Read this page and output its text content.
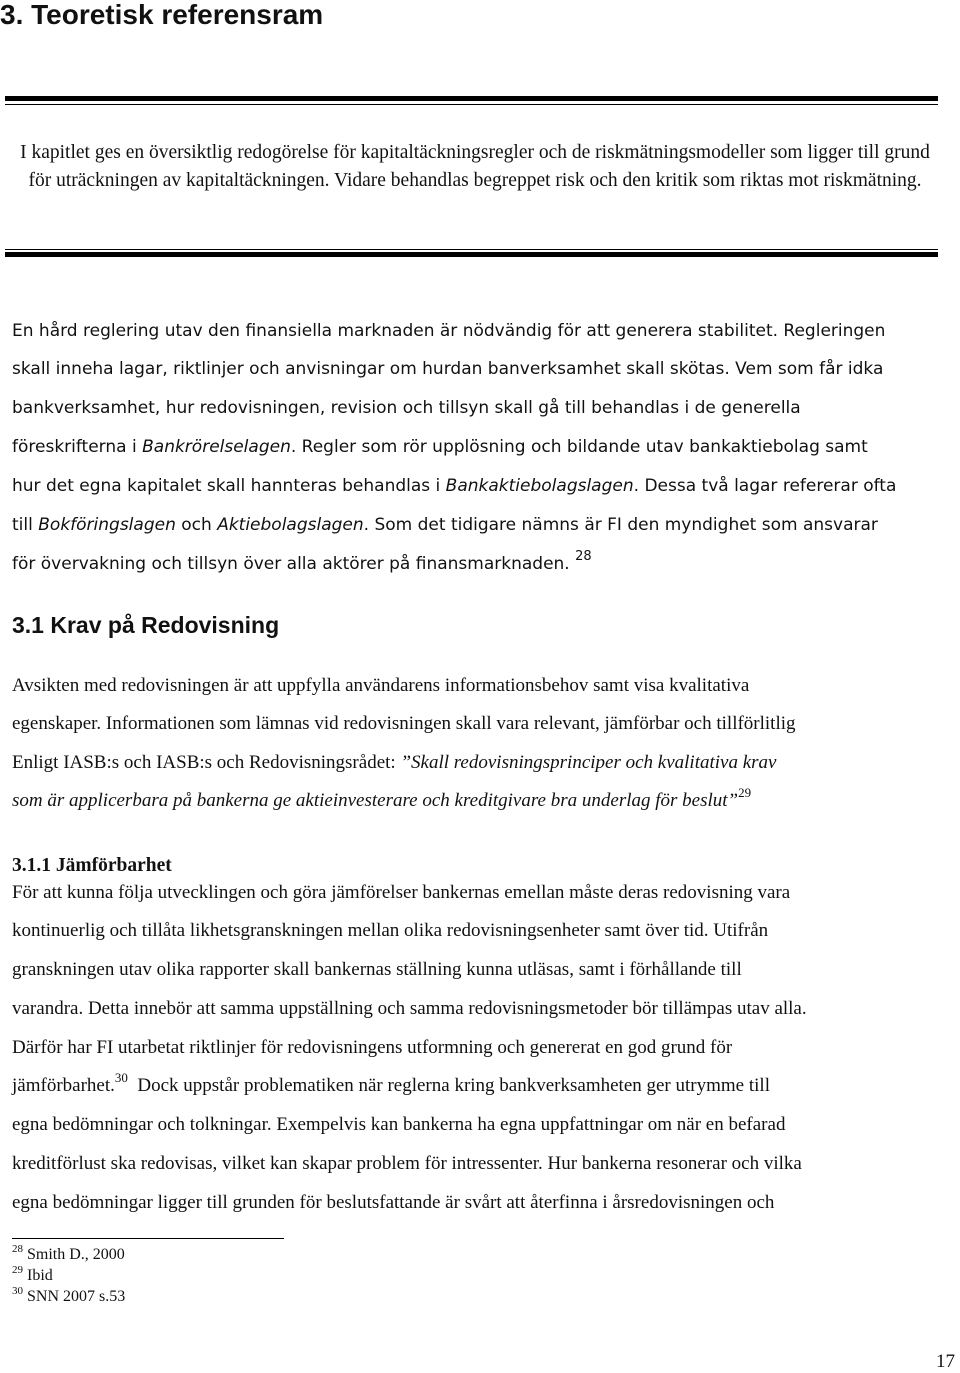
3. Teoretisk referensram

I kapitlet ges en översiktlig redogörelse för kapitaltäckningsregler och de riskmätningsmodeller som ligger till grund för uträckningen av kapitaltäckningen. Vidare behandlas begreppet risk och den kritik som riktas mot riskmätning.

En hård reglering utav den finansiella marknaden är nödvändig för att generera stabilitet. Regleringen

skall inneha lagar, riktlinjer och anvisningar om hurdan banverksamhet skall skötas. Vem som får idka

bankverksamhet, hur redovisningen, revision och tillsyn skall gå till behandlas i de generella

föreskrifterna i Bankrörelselagen. Regler som rör upplösning och bildande utav bankaktiebolag samt

hur det egna kapitalet skall hannteras behandlas i Bankaktiebolagslagen. Dessa två lagar refererar ofta

till Bokföringslagen och Aktiebolagslagen. Som det tidigare nämns är FI den myndighet som ansvarar

för övervakning och tillsyn över alla aktörer på finansmarknaden. $^{28}$

3.1 Krav på Redovisning

Avsikten med redovisningen är att uppfylla användarens informationsbehov samt visa kvalitativa

egenskaper. Informationen som lämnas vid redovisningen skall vara relevant, jämförbar och tillförlitlig

Enligt IASB:s och IASB:s och Redovisningsrådet: ”Skall redovisningsprinciper och kvalitativa krav

som är applicerbara på bankerna ge aktieinvesterare och kreditgivare bra underlag för beslut”$^{29}$

3.1.1 Jämförbarhet

För att kunna följa utvecklingen och göra jämförelser bankernas emellan måste deras redovisning vara

kontinuerlig och tillåta likhetsgranskningen mellan olika redovisningsenheter samt över tid. Utifrån

granskningen utav olika rapporter skall bankernas ställning kunna utläsas, samt i förhållande till

varandra. Detta innebör att samma uppställning och samma redovisningsmetoder bör tillämpas utav alla.

Därför har FI utarbetat riktlinjer för redovisningens utformning och genererat en god grund för

jämförbarhet.$^{30}$  Dock uppstår problematiken när reglerna kring bankverksamheten ger utrymme till

egna bedömningar och tolkningar. Exempelvis kan bankerna ha egna uppfattningar om när en befarad

kreditförlust ska redovisas, vilket kan skapar problem för intressenter. Hur bankerna resonerar och vilka

egna bedömningar ligger till grunden för beslutsfattande är svårt att återfinna i årsredovisningen och

$^{28}$ Smith D., 2000

$^{29}$ Ibid

$^{30}$ SNN 2007 s.53

17
